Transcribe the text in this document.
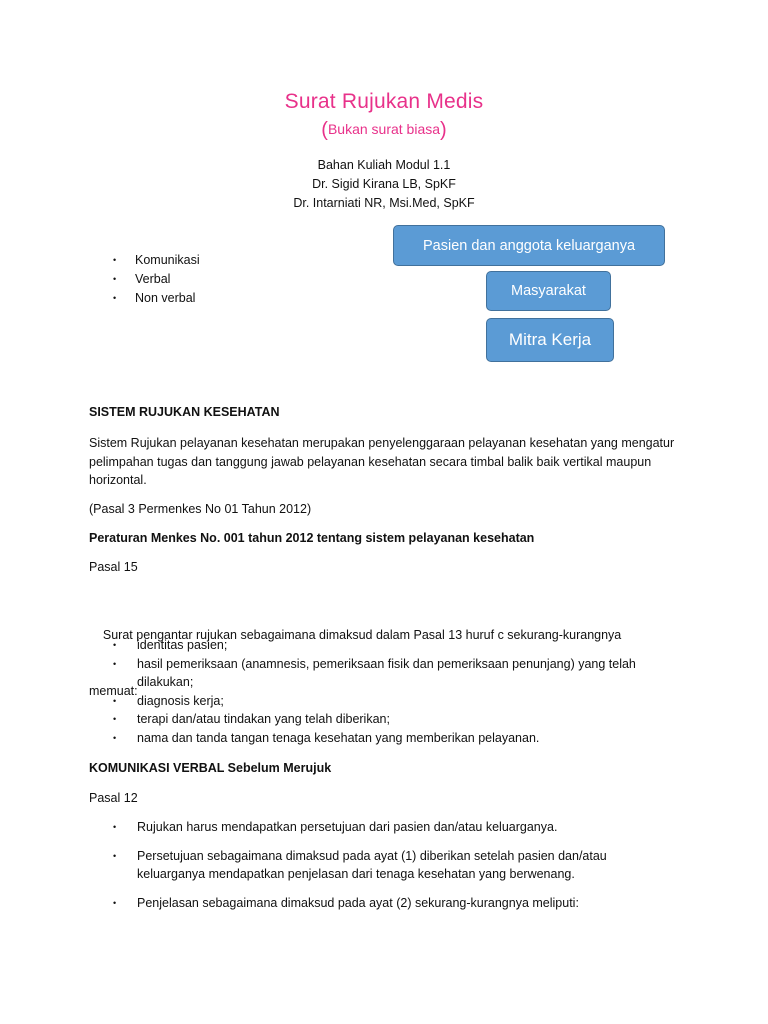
Surat Rujukan Medis
(Bukan surat biasa)
Bahan Kuliah Modul 1.1
Dr. Sigid Kirana LB, SpKF
Dr. Intarniati NR, Msi.Med, SpKF
• Komunikasi
• Verbal
• Non verbal
Pasien dan anggota keluarganya
Masyarakat
Mitra Kerja
SISTEM RUJUKAN KESEHATAN
Sistem Rujukan pelayanan kesehatan merupakan penyelenggaraan pelayanan kesehatan yang mengatur
pelimpahan tugas dan tanggung jawab pelayanan kesehatan secara timbal balik baik vertikal maupun
horizontal.
(Pasal 3 Permenkes No 01 Tahun 2012)
Peraturan Menkes No. 001 tahun 2012 tentang sistem pelayanan kesehatan
Pasal 15

Surat pengantar rujukan sebagaimana dimaksud dalam Pasal 13 huruf c sekurang-kurangnya

memuat:

•	identitas pasien;
•	hasil pemeriksaan (anamnesis, pemeriksaan fisik dan pemeriksaan penunjang) yang telah dilakukan;
•	diagnosis kerja;
•	terapi dan/atau tindakan yang telah diberikan;
•	nama dan tanda tangan tenaga kesehatan yang memberikan pelayanan.
KOMUNIKASI VERBAL Sebelum Merujuk
Pasal 12
•	Rujukan harus mendapatkan persetujuan dari pasien dan/atau keluarganya.
•	Persetujuan sebagaimana dimaksud pada ayat (1) diberikan setelah pasien dan/atau keluarganya mendapatkan penjelasan dari tenaga kesehatan yang berwenang.
•	Penjelasan sebagaimana dimaksud pada ayat (2) sekurang-kurangnya meliputi:
